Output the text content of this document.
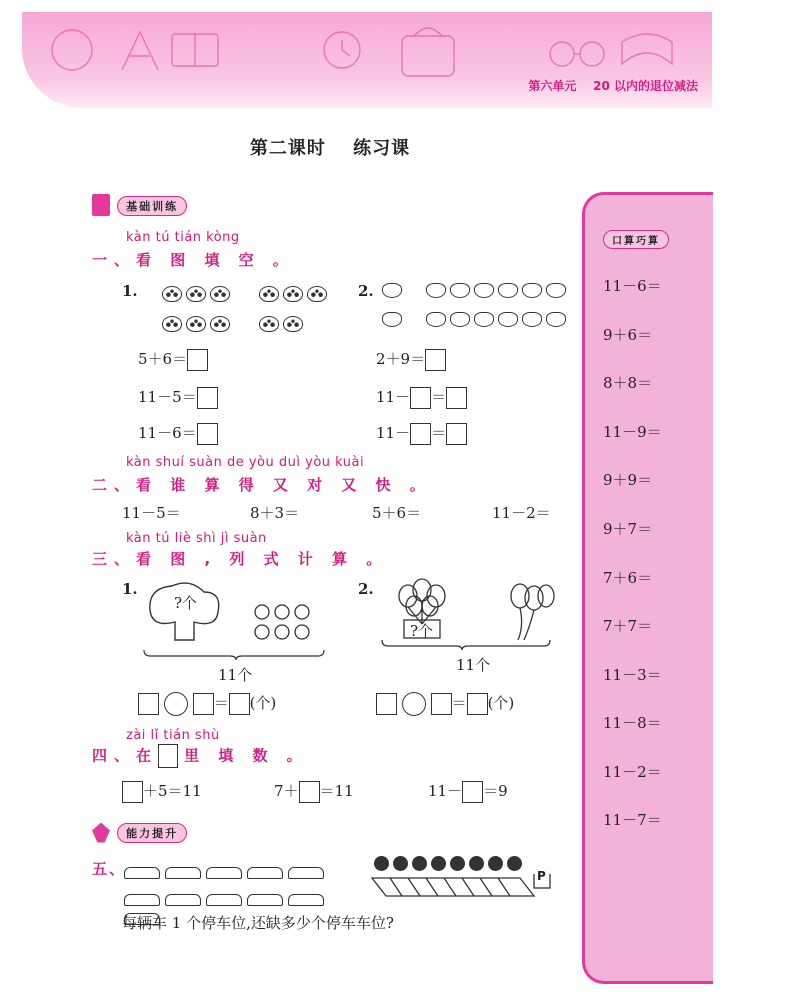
第六单元 20 以内的退位减法
第二课时 练习课
基础训练
kàn tú tián kòng
一、看 图 填 空 。
1.

	2.

5＋6＝
11－5＝
11－6＝
2＋9＝
11－ ＝
11－ ＝
kàn shuí suàn de yòu duì yòu kuài
二、看 谁 算 得 又 对 又 快 。
11－5＝	8＋3＝	5＋6＝	11－2＝
kàn tú liè shì jì suàn
三、看 图 , 列 式 计 算 。
1.
?个
11个
2.
?个
11个
＝ (个)	＝ (个)
zài lǐ tián shù
四、在 里 填 数 。
＋5＝11	7＋ ＝11	11－ ＝9
能力提升
五、	P
每辆车 1 个停车位,还缺多少个停车车位?
口算巧算
11－6＝
9＋6＝
8＋8＝
11－9＝
9＋9＝
9＋7＝
7＋6＝
7＋7＝
11－3＝
11－8＝
11－2＝
11－7＝
